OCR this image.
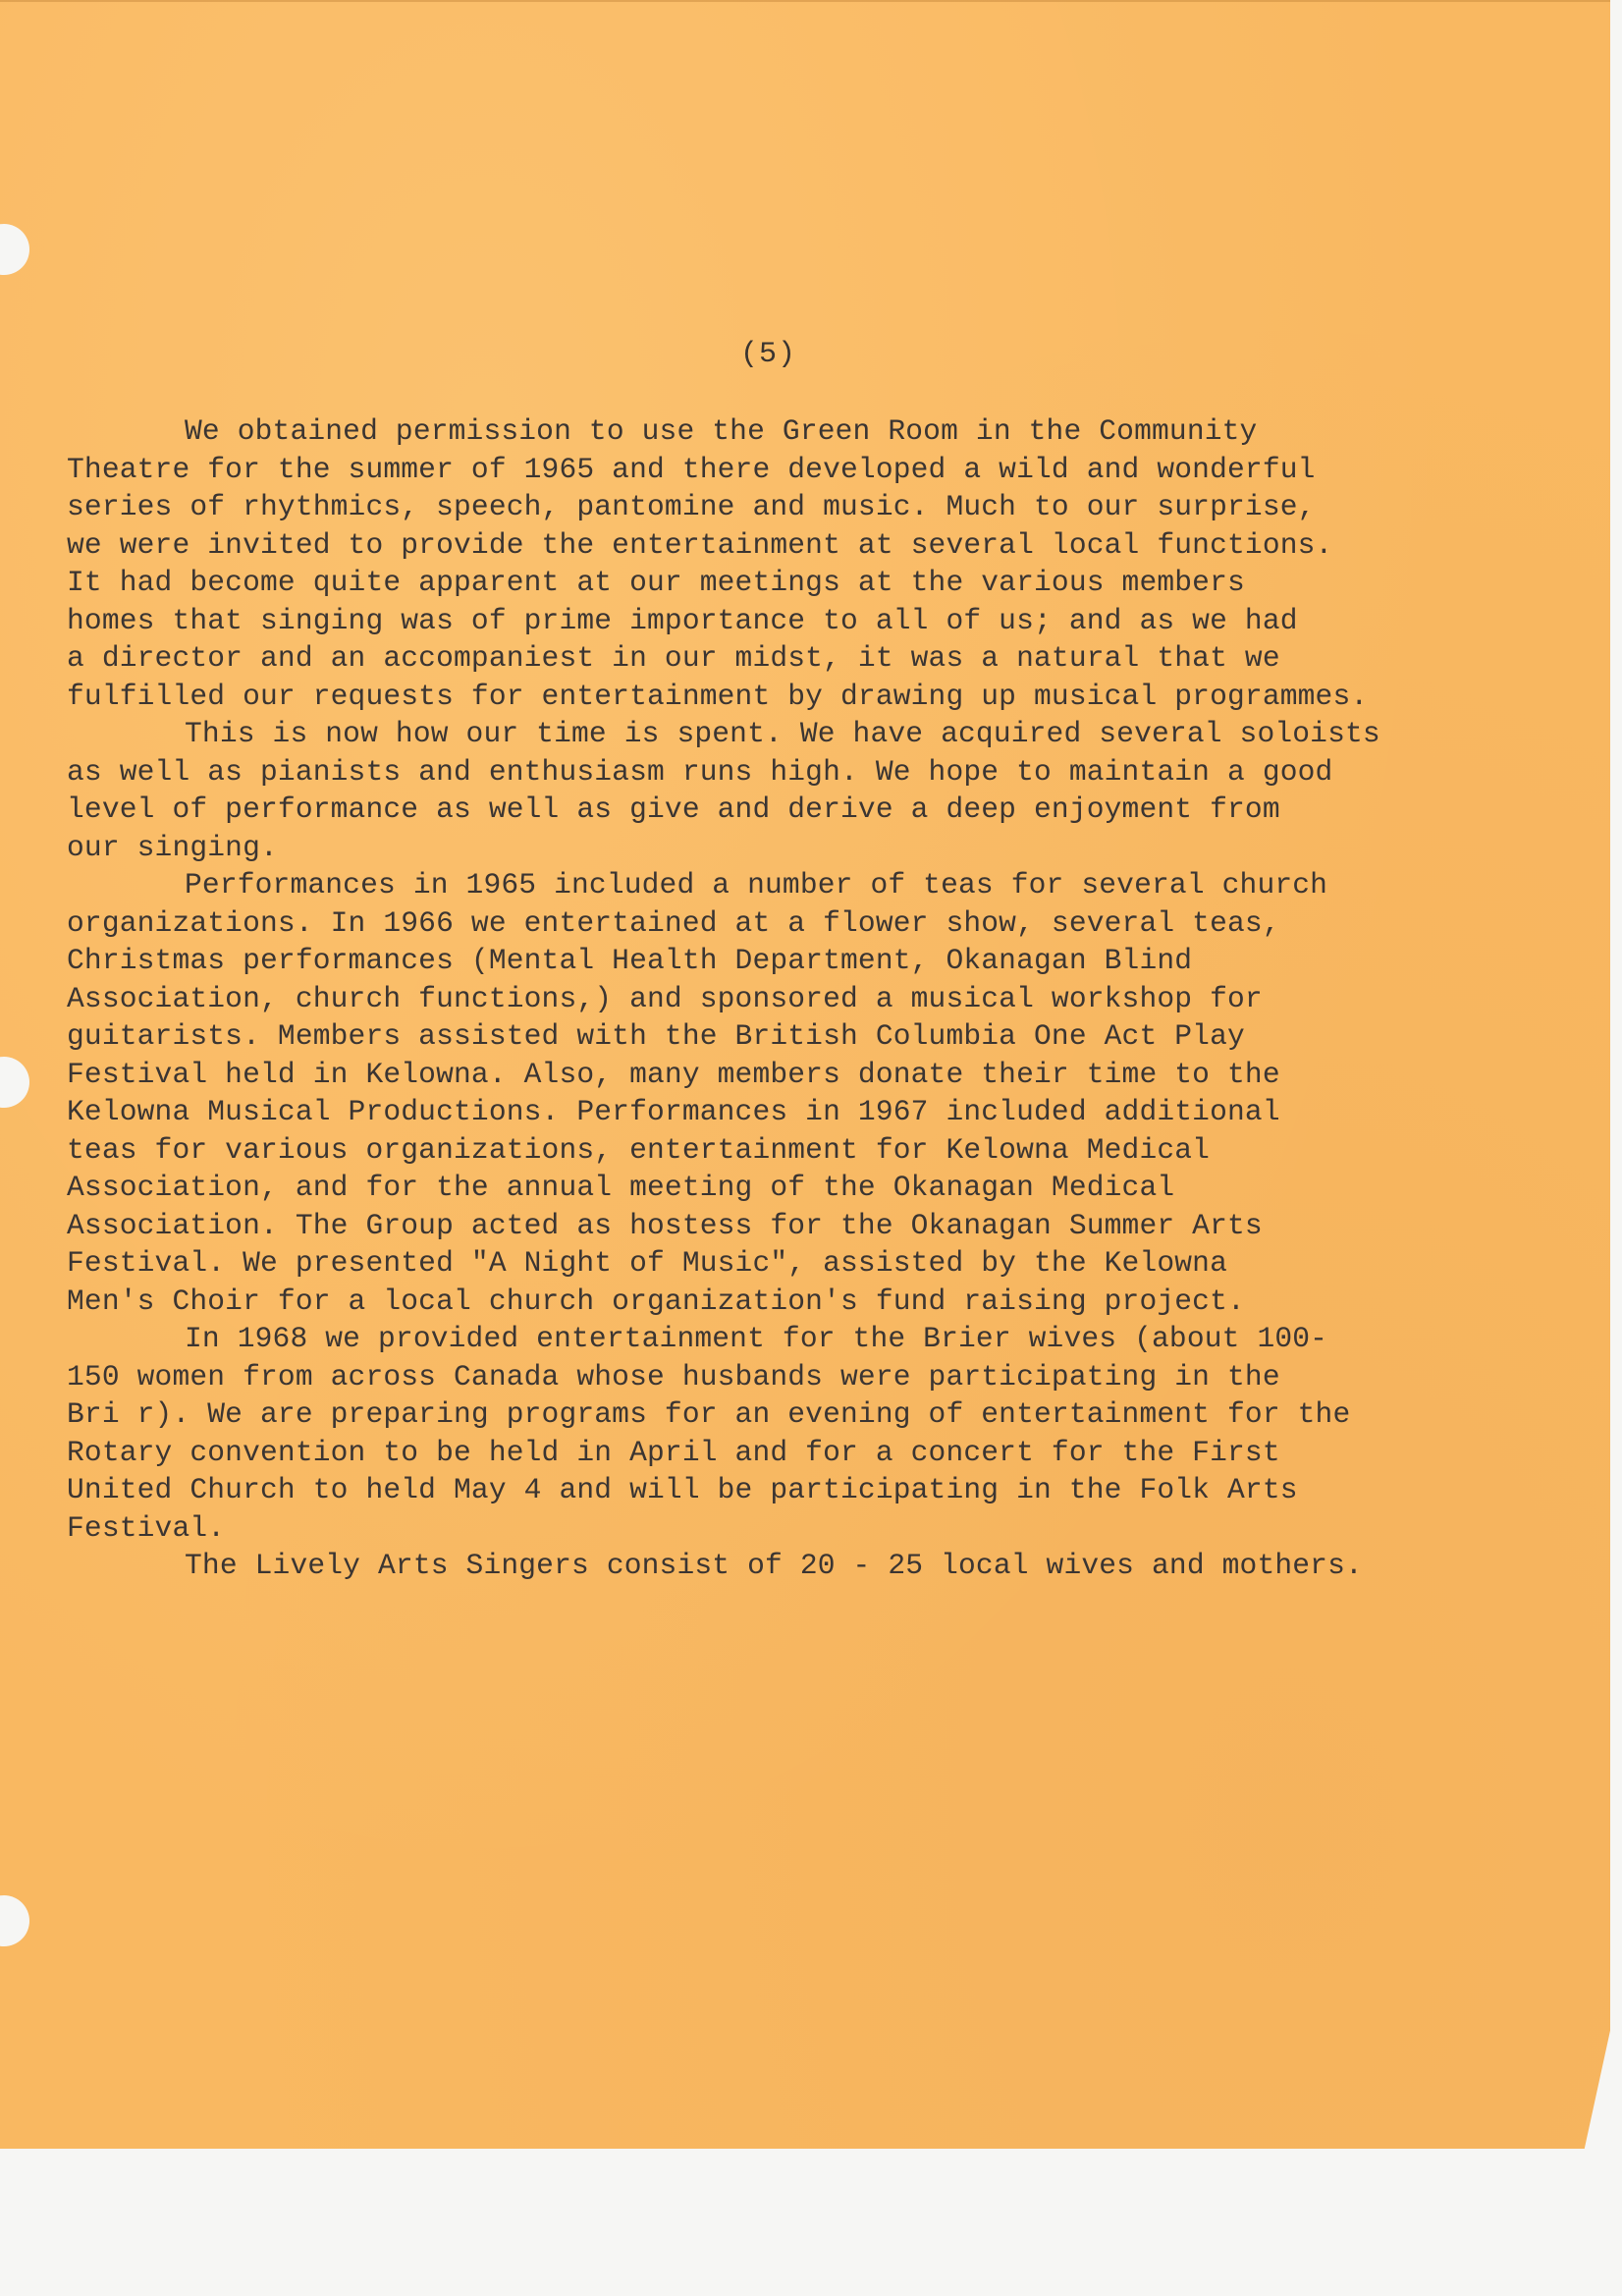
(5)
We obtained permission to use the Green Room in the Community
Theatre for the summer of 1965 and there developed a wild and wonderful
series of rhythmics, speech, pantomine and music. Much to our surprise,
we were invited to provide the entertainment at several local functions.
It had become quite apparent at our meetings at the various members
homes that singing was of prime importance to all of us; and as we had
a director and an accompaniest in our midst, it was a natural that we
fulfilled our requests for entertainment by drawing up musical programmes.
This is now how our time is spent. We have acquired several soloists
as well as pianists and enthusiasm runs high. We hope to maintain a good
level of performance as well as give and derive a deep enjoyment from
our singing.
Performances in 1965 included a number of teas for several church
organizations. In 1966 we entertained at a flower show, several teas,
Christmas performances (Mental Health Department, Okanagan Blind
Association, church functions,) and sponsored a musical workshop for
guitarists. Members assisted with the British Columbia One Act Play
Festival held in Kelowna. Also, many members donate their time to the
Kelowna Musical Productions. Performances in 1967 included additional
teas for various organizations, entertainment for Kelowna Medical
Association, and for the annual meeting of the Okanagan Medical
Association. The Group acted as hostess for the Okanagan Summer Arts
Festival. We presented "A Night of Music", assisted by the Kelowna
Men's Choir for a local church organization's fund raising project.
In 1968 we provided entertainment for the Brier wives (about 100-
150 women from across Canada whose husbands were participating in the
Bri r). We are preparing programs for an evening of entertainment for the
Rotary convention to be held in April and for a concert for the First
United Church to held May 4 and will be participating in the Folk Arts
Festival.
The Lively Arts Singers consist of 20 - 25 local wives and mothers.
